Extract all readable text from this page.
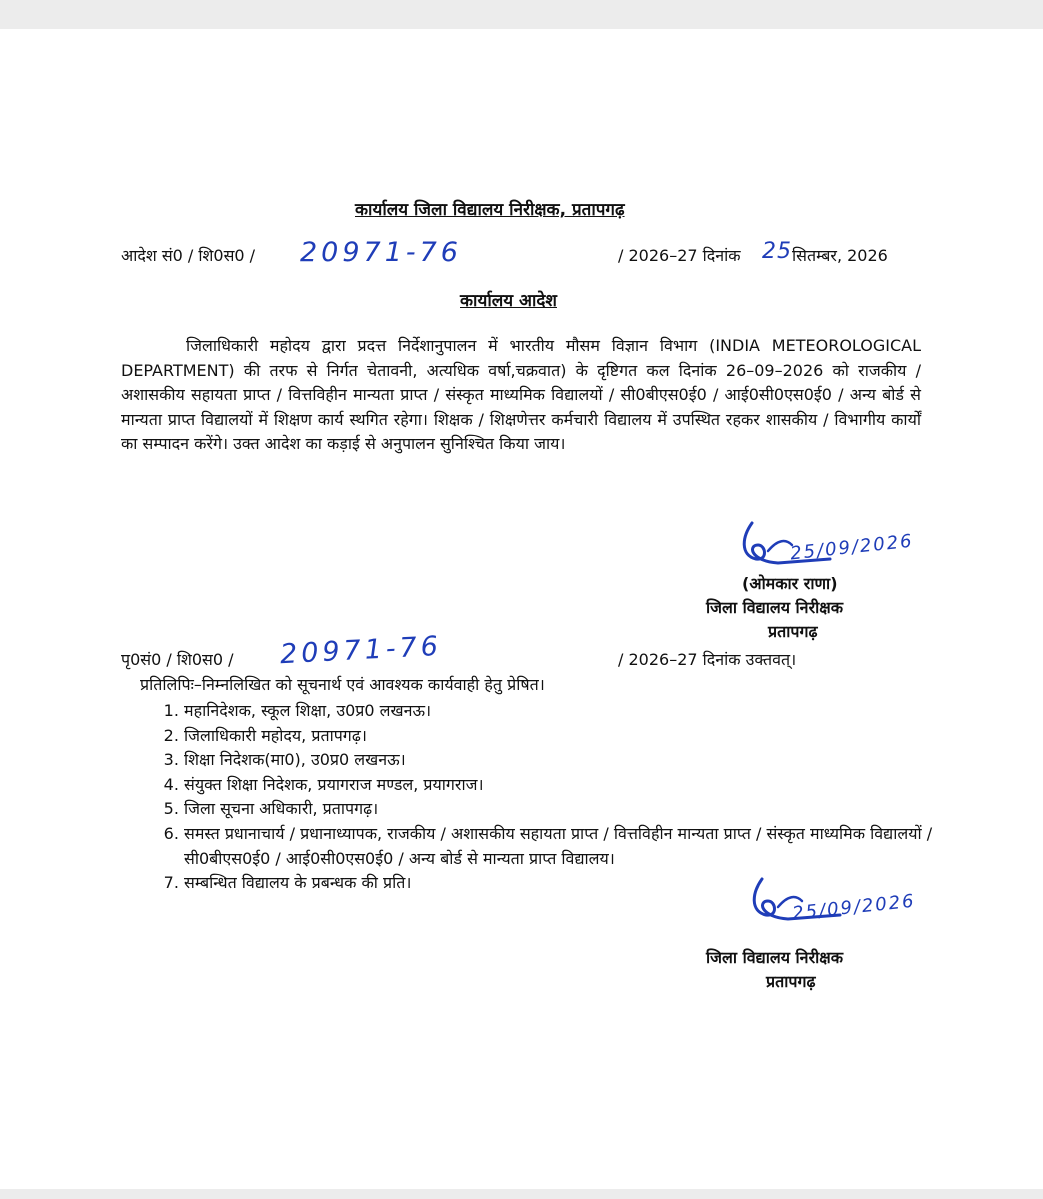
कार्यालय जिला विद्यालय निरीक्षक, प्रतापगढ़
आदेश सं0 / शि0स0 / 20971-76	/ 2026–27 दिनांक 25 सितम्बर, 2026
कार्यालय आदेश
जिलाधिकारी महोदय द्वारा प्रदत्त निर्देशानुपालन में भारतीय मौसम विज्ञान विभाग (INDIA METEOROLOGICAL DEPARTMENT) की तरफ से निर्गत चेतावनी, अत्यधिक वर्षा,चक्रवात) के दृष्टिगत कल दिनांक 26–09–2026 को राजकीय / अशासकीय सहायता प्राप्त / वित्तविहीन मान्यता प्राप्त / संस्कृत माध्यमिक विद्यालयों / सी0बीएस0ई0 / आई0सी0एस0ई0 / अन्य बोर्ड से मान्यता प्राप्त विद्यालयों में शिक्षण कार्य स्थगित रहेगा। शिक्षक / शिक्षणेत्तर कर्मचारी विद्यालय में उपस्थित रहकर शासकीय / विभागीय कार्यों का सम्पादन करेंगे। उक्त आदेश का कड़ाई से अनुपालन सुनिश्चित किया जाय।
25/09/2026
(ओमकार राणा)
जिला विद्यालय निरीक्षक
प्रतापगढ़
पृ0सं0 / शि0स0 / 20971-76	/ 2026–27 दिनांक उक्तवत्।
प्रतिलिपिः–निम्नलिखित को सूचनार्थ एवं आवश्यक कार्यवाही हेतु प्रेषित।
1. महानिदेशक, स्कूल शिक्षा, उ0प्र0 लखनऊ।
2. जिलाधिकारी महोदय, प्रतापगढ़।
3. शिक्षा निदेशक(मा0), उ0प्र0 लखनऊ।
4. संयुक्त शिक्षा निदेशक, प्रयागराज मण्डल, प्रयागराज।
5. जिला सूचना अधिकारी, प्रतापगढ़।
6. समस्त प्रधानाचार्य / प्रधानाध्यापक, राजकीय / अशासकीय सहायता प्राप्त / वित्तविहीन मान्यता प्राप्त / संस्कृत माध्यमिक विद्यालयों / सी0बीएस0ई0 / आई0सी0एस0ई0 / अन्य बोर्ड से मान्यता प्राप्त विद्यालय।
7. सम्बन्धित विद्यालय के प्रबन्धक की प्रति।
25/09/2026
जिला विद्यालय निरीक्षक
प्रतापगढ़
